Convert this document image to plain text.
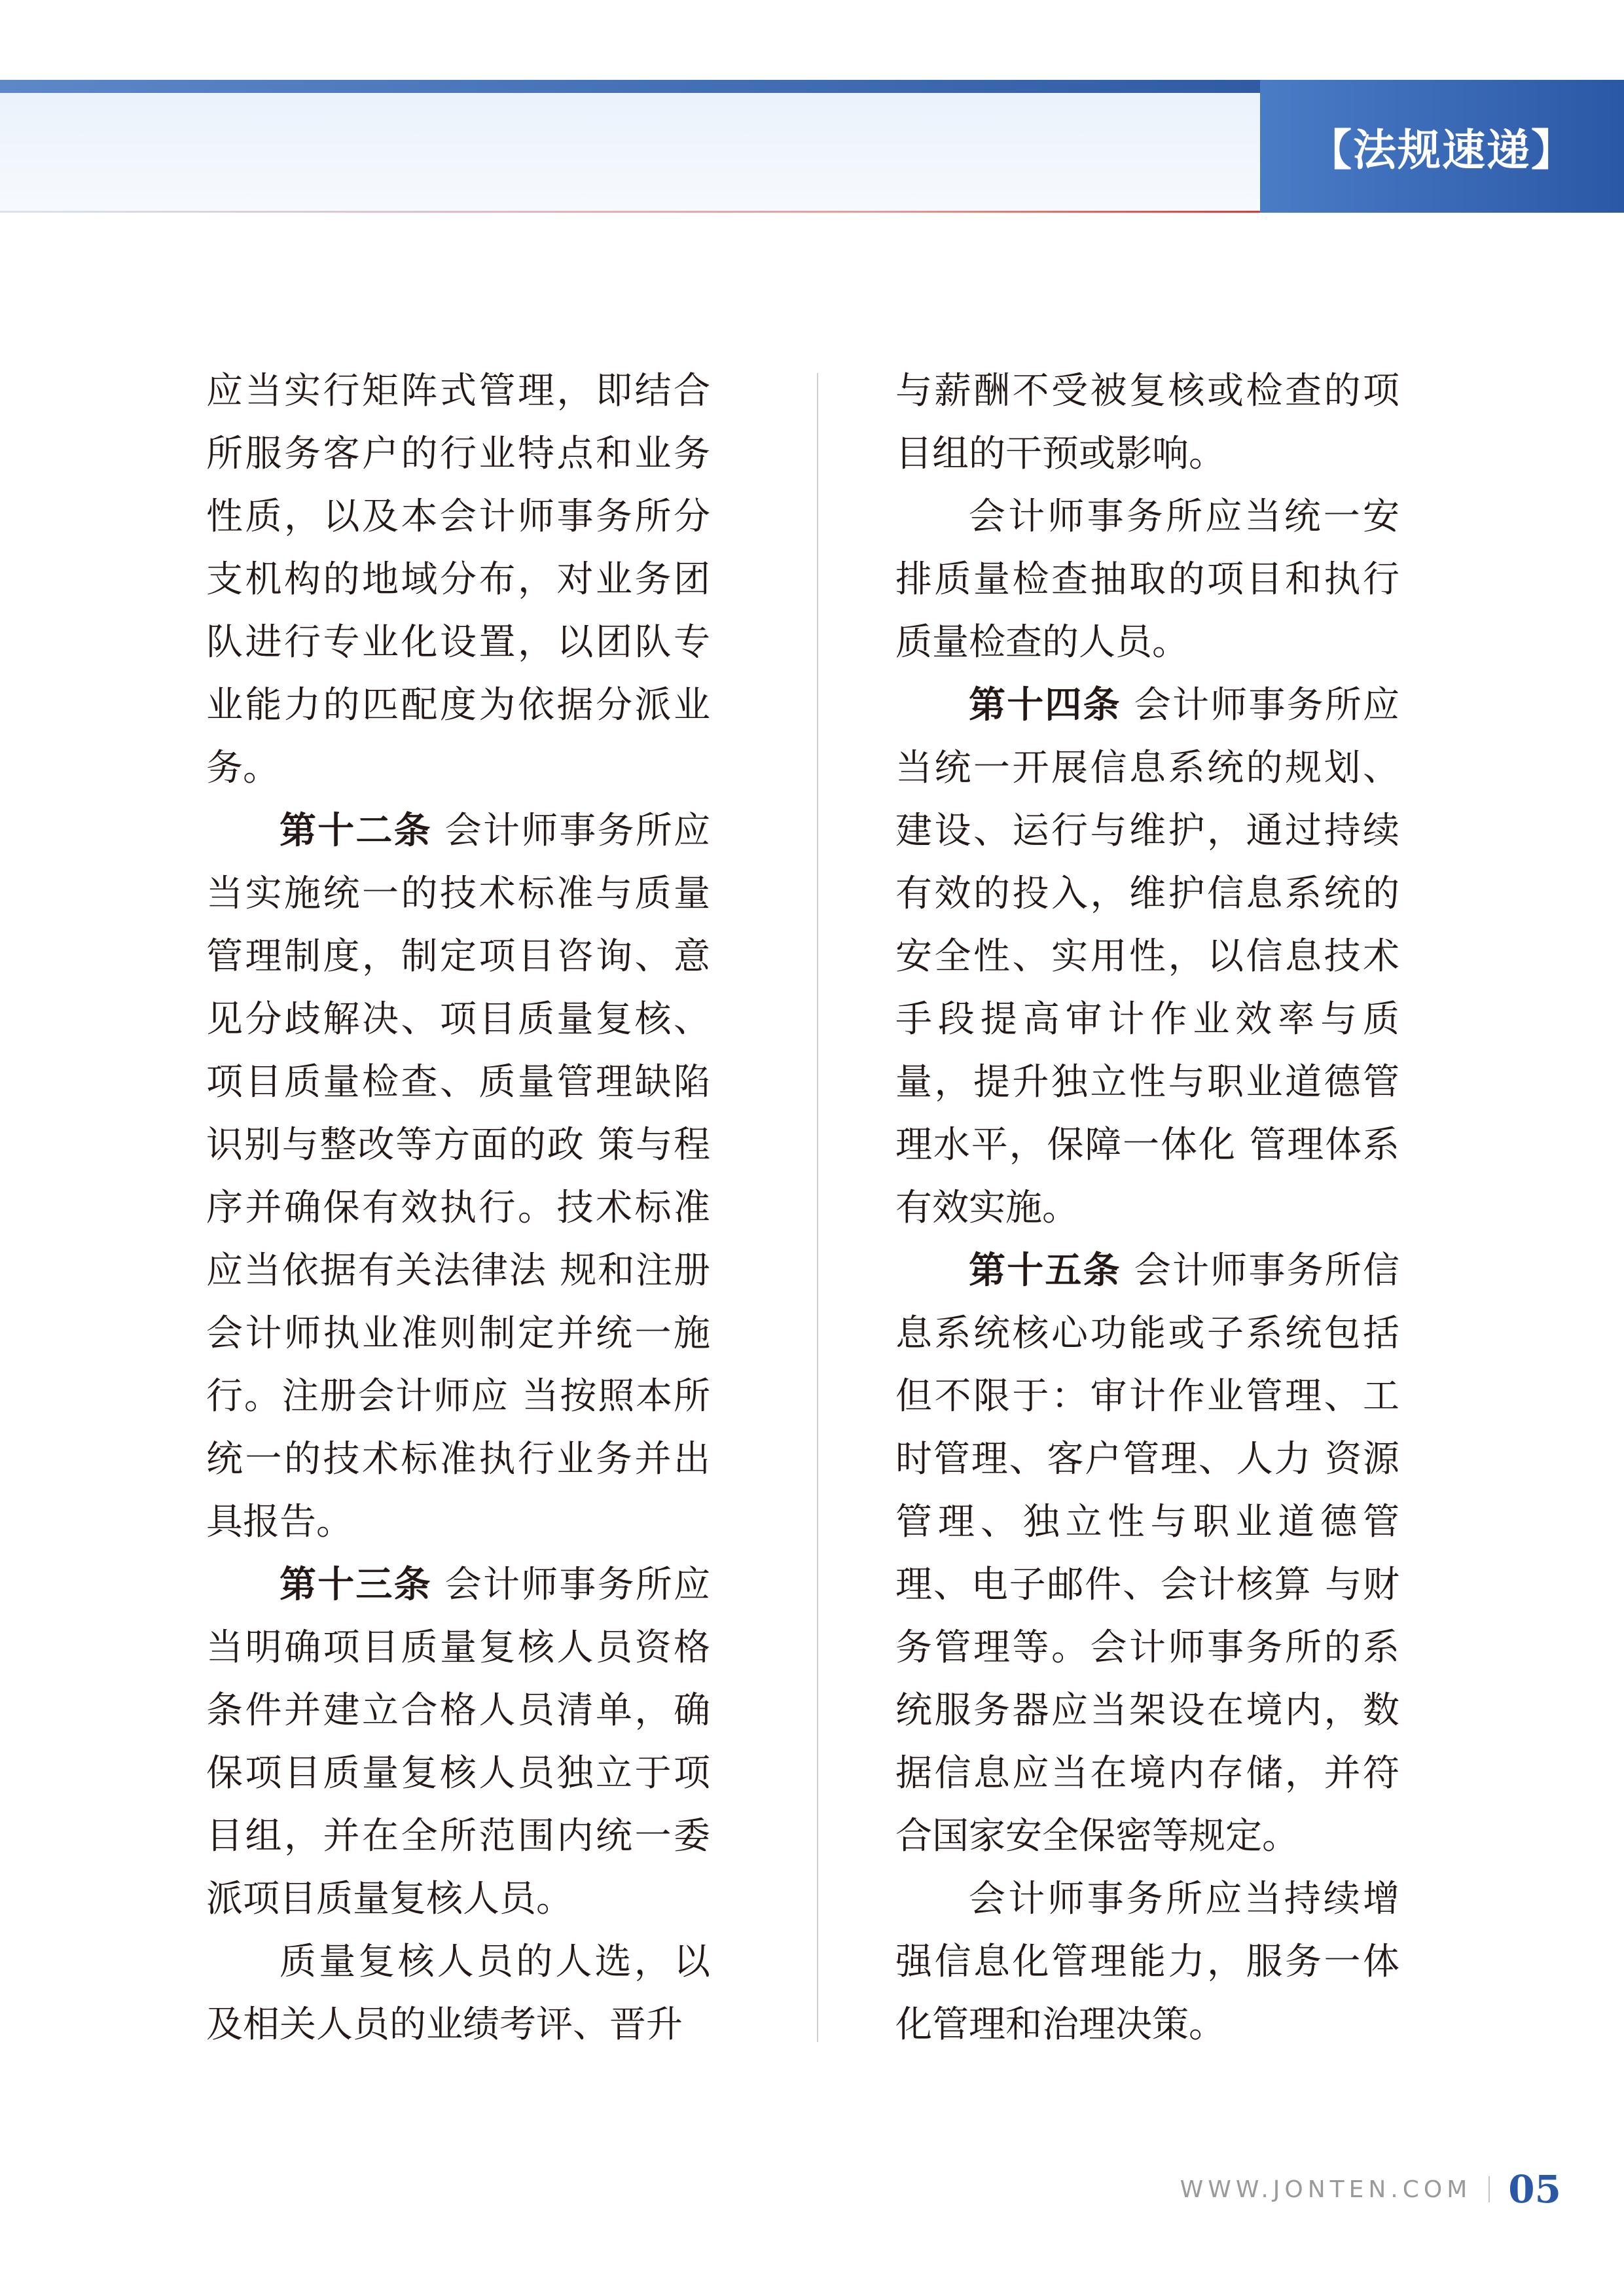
【法规速递】

应当实行矩阵式管理，即结合所服务客户的行业特点和业务性质，以及本会计师事务所分支机构的地域分布，对业务团队进行专业化设置，以团队专业能力的匹配度为依据分派业务。

第十二条 会计师事务所应当实施统一的技术标准与质量管理制度，制定项目咨询、意见分歧解决、项目质量复核、项目质量检查、质量管理缺陷识别与整改等方面的政 策与程序并确保有效执行。技术标准应当依据有关法律法 规和注册会计师执业准则制定并统一施行。注册会计师应 当按照本所统一的技术标准执行业务并出具报告。

第十三条 会计师事务所应当明确项目质量复核人员资格条件并建立合格人员清单，确保项目质量复核人员独立于项目组，并在全所范围内统一委派项目质量复核人员。

质量复核人员的人选，以及相关人员的业绩考评、晋升

与薪酬不受被复核或检查的项目组的干预或影响。

会计师事务所应当统一安排质量检查抽取的项目和执行质量检查的人员。

第十四条 会计师事务所应当统一开展信息系统的规划、建设、运行与维护，通过持续有效的投入，维护信息系统的安全性、实用性，以信息技术手段提高审计作业效率与质量，提升独立性与职业道德管理水平，保障一体化 管理体系有效实施。

第十五条 会计师事务所信息系统核心功能或子系统包括但不限于：审计作业管理、工时管理、客户管理、人力 资源管理、独立性与职业道德管理、电子邮件、会计核算 与财务管理等。会计师事务所的系统服务器应当架设在境内，数据信息应当在境内存储，并符合国家安全保密等规定。

会计师事务所应当持续增强信息化管理能力，服务一体化管理和治理决策。

WWW.JONTEN.COM 05
